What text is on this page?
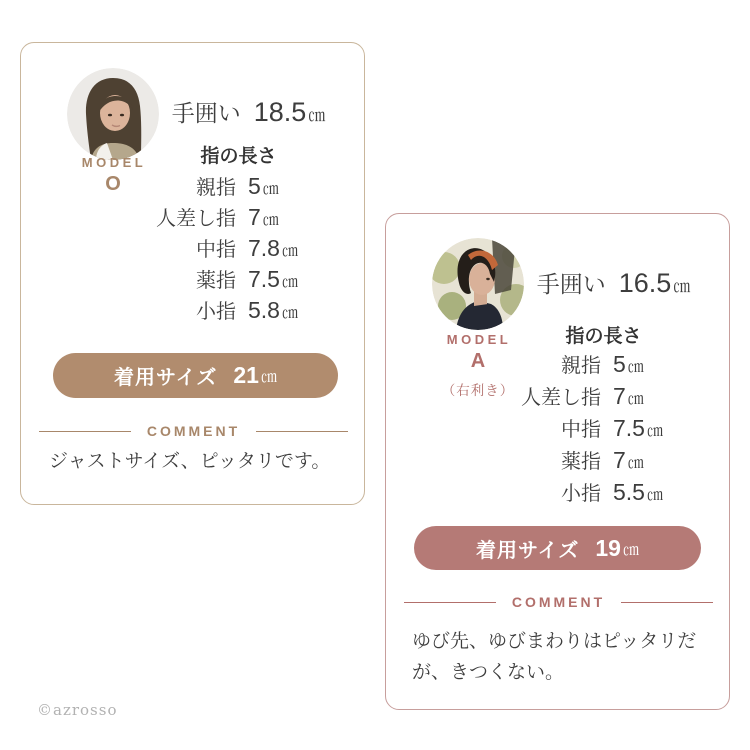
MODEL
O
手囲い 18.5 ㎝
指の長さ
親指 5 ㎝
人差し指 7 ㎝
中指 7.8 ㎝
薬指 7.5 ㎝
小指 5.8 ㎝
着用サイズ 21 ㎝
COMMENT

ジャストサイズ、ピッタリです。

MODEL
A
（右利き）
手囲い 16.5 ㎝
指の長さ
親指 5 ㎝
人差し指 7 ㎝
中指 7.5 ㎝
薬指 7 ㎝
小指 5.5 ㎝
着用サイズ 19 ㎝
COMMENT

ゆび先、ゆびまわりはピッタリだが、きつくない。

©azrosso
